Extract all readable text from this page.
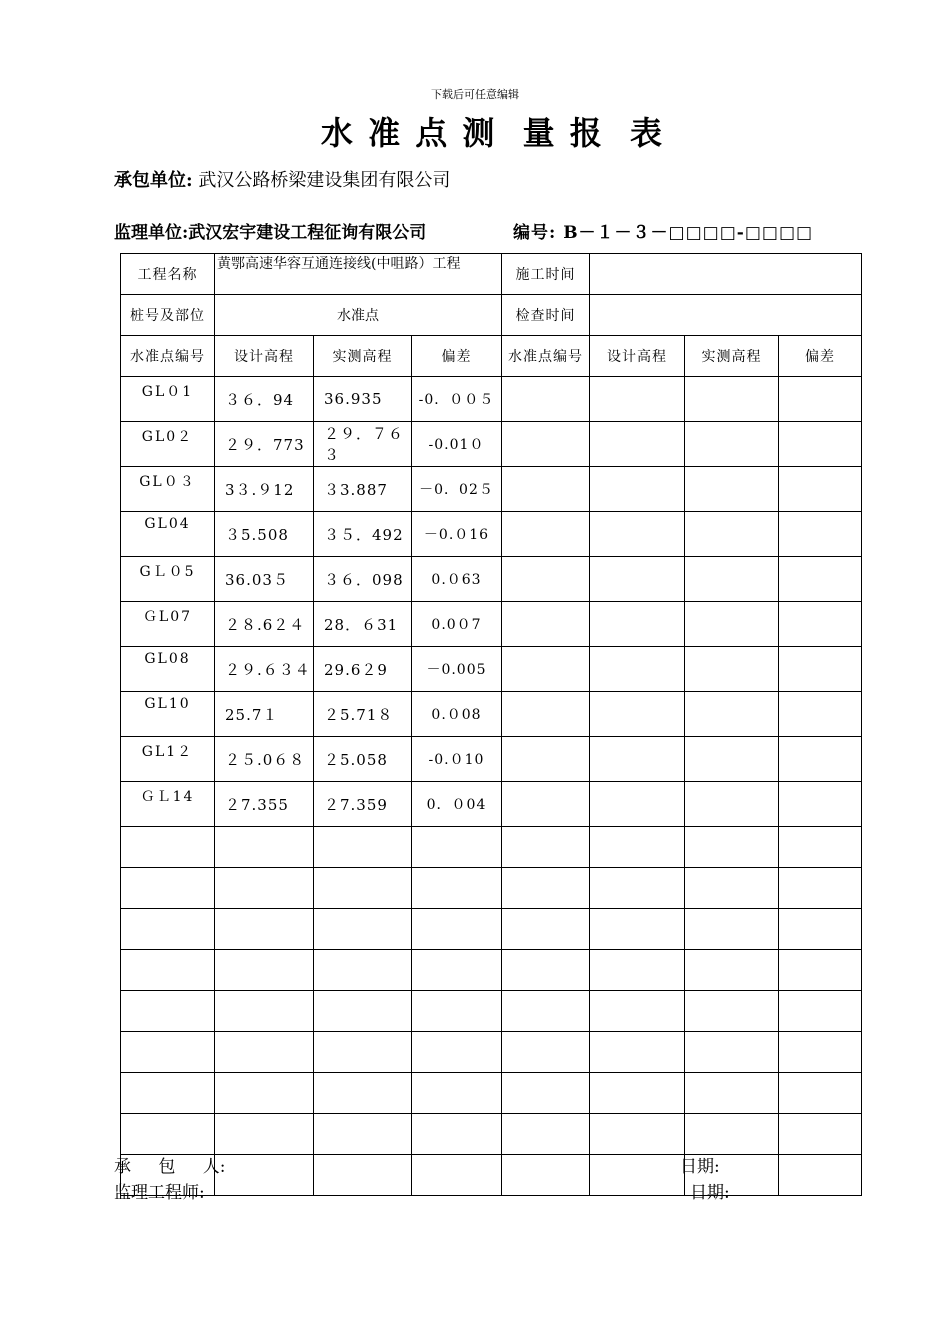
下载后可任意编辑
水 准 点 测  量 报  表
承包单位: 武汉公路桥梁建设集团有限公司
监理单位:武汉宏宇建设工程征询有限公司	编号: B－１－３－□□□□-□□□□
工程名称	黄鄂高速华容互通连接线(中咀路）工程			施工时间			
桩号及部位	水准点			检查时间			
水准点编号	设计高程	实测高程	偏差	水准点编号	设计高程	实测高程	偏差
GL０1	３６．94	36.935	-0．００５				
GL0２	２９．773	２９．７６３	-0.01０				
GL０３	3３.９12	３3.887	－0．02５				
GL04	３5.508	３５．492	－0.０16				
GＬ０5	36.03５	３６．098	0.０63				
ＧL07	２８.6２４	28．６31	0.0０7				
GL08	２９.６３４	29.6２9	－0.005				
GL10	25.7１	２5.71８	0.０08				
GL1２	２５.0６８	２5.058	-0.０10				
ＧＬ14	２7.355	２7.359	0．０04				

承 包 人:	日期:
监理工程师:	日期:
